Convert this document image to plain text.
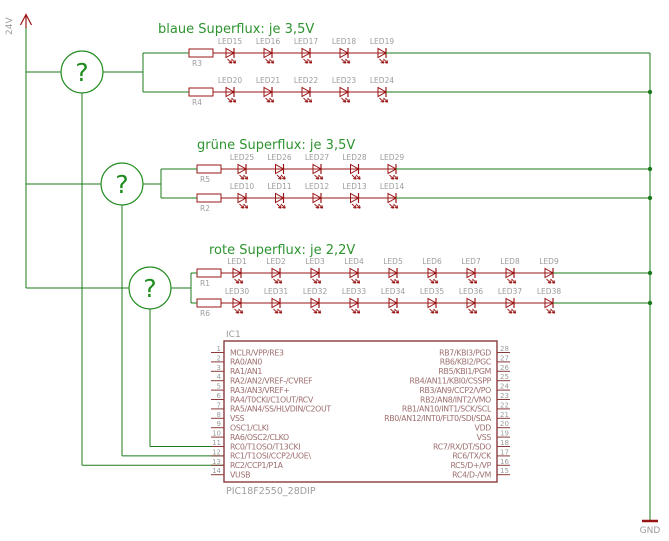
24V
GND
blaue Superflux: je 3,5V
?	R3
LED15 LED16 LED17 LED18 LED19
R4
LED20 LED21 LED22 LED23 LED24
grüne Superflux: je 3,5V
?	R5
LED25 LED26 LED27 LED28 LED29
R2
LED10 LED11 LED12 LED13 LED14
rote Superflux: je 2,2V
?	R1
LED1	LED2	LED3	LED4	LED5	LED6	LED7	LED8	LED9
R6
LED30 LED31 LED32 LED33 LED34 LED35 LED36 LED37 LED38
IC1
PIC18F2550_28DIP
1 MCLR/VPP/RE3
2 RA0/AN0
3 RA1/AN1
4 RA2/AN2/VREF-/CVREF
5 RA3/AN3/VREF+
6 RA4/T0CKI/C1OUT/RCV
7 RA5/AN4/SS/HLVDIN/C2OUT
8 VSS
9 OSC1/CLKI
10 RA6/OSC2/CLKO
11 RC0/T1OSO/T13CKI
12 RC1/T1OSI/CCP2/UOE\
13 RC2/CCP1/P1A
14 VUSB
28
RB7/KBI3/PGD
27
RB6/KBI2/PGC
26
RB5/KBI1/PGM
25
RB4/AN11/KBI0/CSSPP
24
RB3/AN9/CCP2/VPO
23
RB2/AN8/INT2/VMO
22
RB1/AN10/INT1/SCK/SCL
21
RB0/AN12/INT0/FLT0/SDI/SDA
20
VDD
19
VSS
18
RC7/RX/DT/SDO
17
RC6/TX/CK
16
RC5/D+/VP
15
RC4/D-/VM
